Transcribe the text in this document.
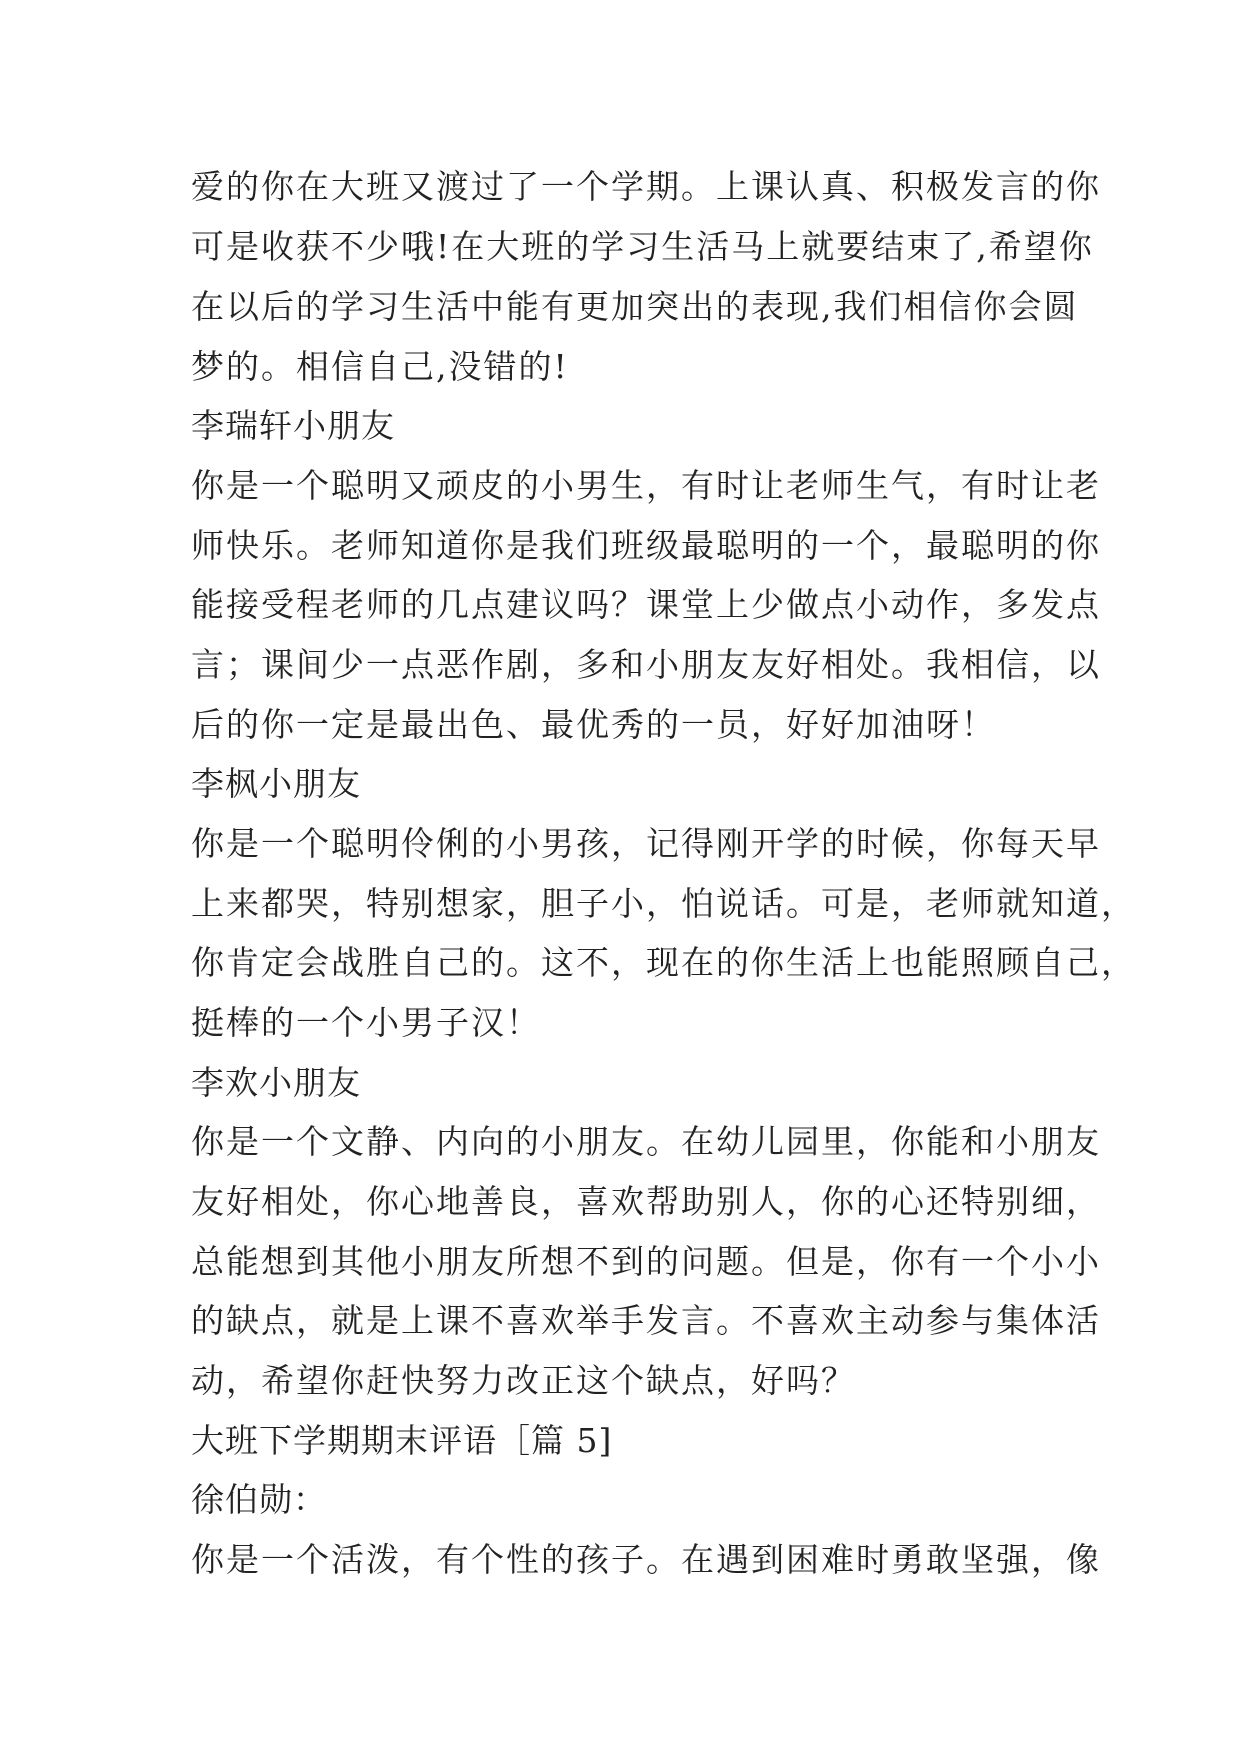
爱的你在大班又渡过了一个学期。上课认真、积极发言的你
可是收获不少哦!在大班的学习生活马上就要结束了,希望你
在以后的学习生活中能有更加突出的表现,我们相信你会圆
梦的。相信自己,没错的!
李瑞轩小朋友
你是一个聪明又顽皮的小男生，有时让老师生气，有时让老
师快乐。老师知道你是我们班级最聪明的一个，最聪明的你
能接受程老师的几点建议吗？课堂上少做点小动作，多发点
言；课间少一点恶作剧，多和小朋友友好相处。我相信，以
后的你一定是最出色、最优秀的一员，好好加油呀！
李枫小朋友
你是一个聪明伶俐的小男孩，记得刚开学的时候，你每天早
上来都哭，特别想家，胆子小，怕说话。可是，老师就知道，
你肯定会战胜自己的。这不，现在的你生活上也能照顾自己，
挺棒的一个小男子汉！
李欢小朋友
你是一个文静、内向的小朋友。在幼儿园里，你能和小朋友
友好相处，你心地善良，喜欢帮助别人，你的心还特别细，
总能想到其他小朋友所想不到的问题。但是，你有一个小小
的缺点，就是上课不喜欢举手发言。不喜欢主动参与集体活
动，希望你赶快努力改正这个缺点，好吗？
大班下学期期末评语［篇 5]
徐伯勋：
你是一个活泼，有个性的孩子。在遇到困难时勇敢坚强，像
